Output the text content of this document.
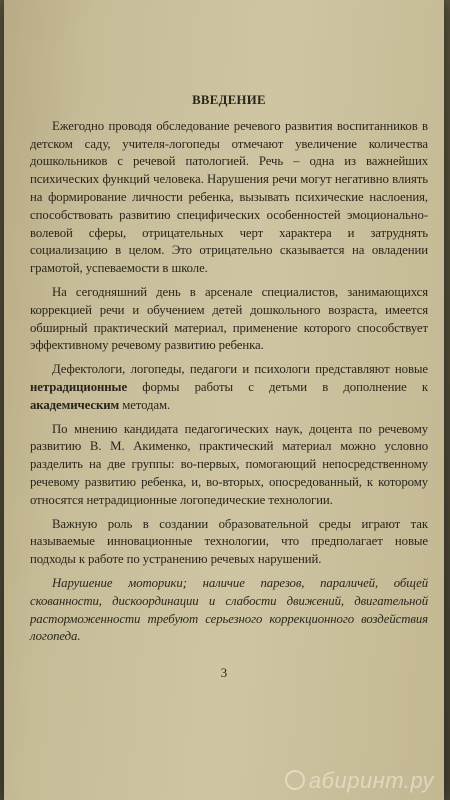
ВВЕДЕНИЕ

Ежегодно проводя обследование речевого развития воспитанников в детском саду, учителя-логопеды отмечают увеличение количества дошкольников с речевой патологией. Речь – одна из важнейших психических функций человека. Нарушения речи могут негативно влиять на формирование личности ребенка, вызывать психические наслоения, способствовать развитию специфических особенностей эмоционально-волевой сферы, отрицательных черт характера и затруднять социализацию в целом. Это отрицательно сказывается на овладении грамотой, успеваемости в школе.

На сегодняшний день в арсенале специалистов, занимающихся коррекцией речи и обучением детей дошкольного возраста, имеется обширный практический материал, применение которого способствует эффективному речевому развитию ребенка.

Дефектологи, логопеды, педагоги и психологи представляют новые нетрадиционные формы работы с детьми в дополнение к академическим методам.

По мнению кандидата педагогических наук, доцента по речевому развитию В. М. Акименко, практический материал можно условно разделить на две группы: во-первых, помогающий непосредственному речевому развитию ребенка, и, во-вторых, опосредованный, к которому относятся нетрадиционные логопедические технологии.

Важную роль в создании образовательной среды играют так называемые инновационные технологии, что предполагает новые подходы к работе по устранению речевых нарушений.

Нарушение моторики; наличие парезов, параличей, общей скованности, дискоординации и слабости движений, двигательной расторможенности требуют серьезного коррекционного воздействия логопеда.

3
абиринт.ру
